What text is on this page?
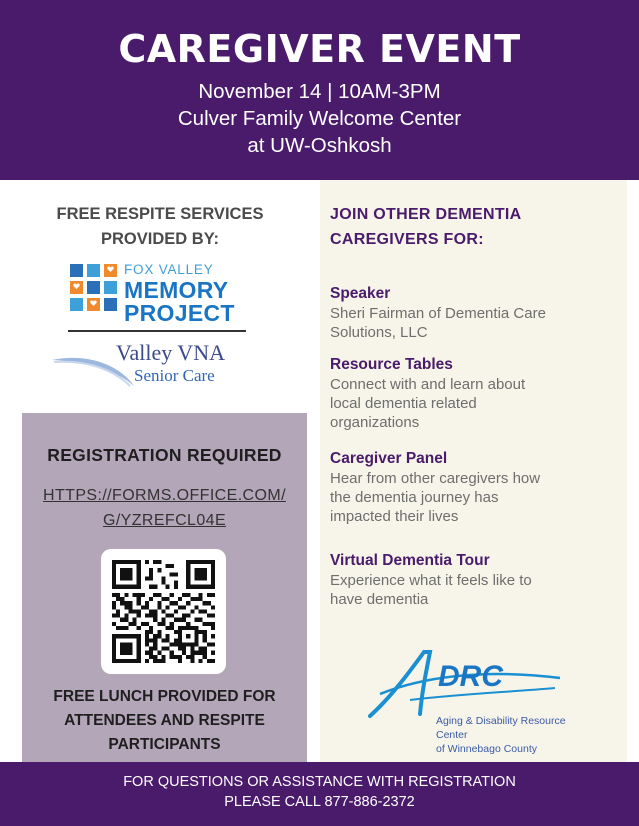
CAREGIVER EVENT
November 14 | 10AM-3PM
Culver Family Welcome Center
at UW-Oshkosh
FREE RESPITE SERVICES
PROVIDED BY:
FOX VALLEY
MEMORY
PROJECT
Valley VNA
Senior Care
REGISTRATION REQUIRED
HTTPS://FORMS.OFFICE.COM/
G/YZREFCL04E
FREE LUNCH PROVIDED FOR
ATTENDEES AND RESPITE
PARTICIPANTS
JOIN OTHER DEMENTIA
CAREGIVERS FOR:
Speaker
Sheri Fairman of Dementia Care
Solutions, LLC
Resource Tables
Connect with and learn about
local dementia related
organizations
Caregiver Panel
Hear from other caregivers how
the dementia journey has
impacted their lives
Virtual Dementia Tour
Experience what it feels like to
have dementia
DRC
Aging & Disability Resource Center
of Winnebago County
FOR QUESTIONS OR ASSISTANCE WITH REGISTRATION
PLEASE CALL 877-886-2372
